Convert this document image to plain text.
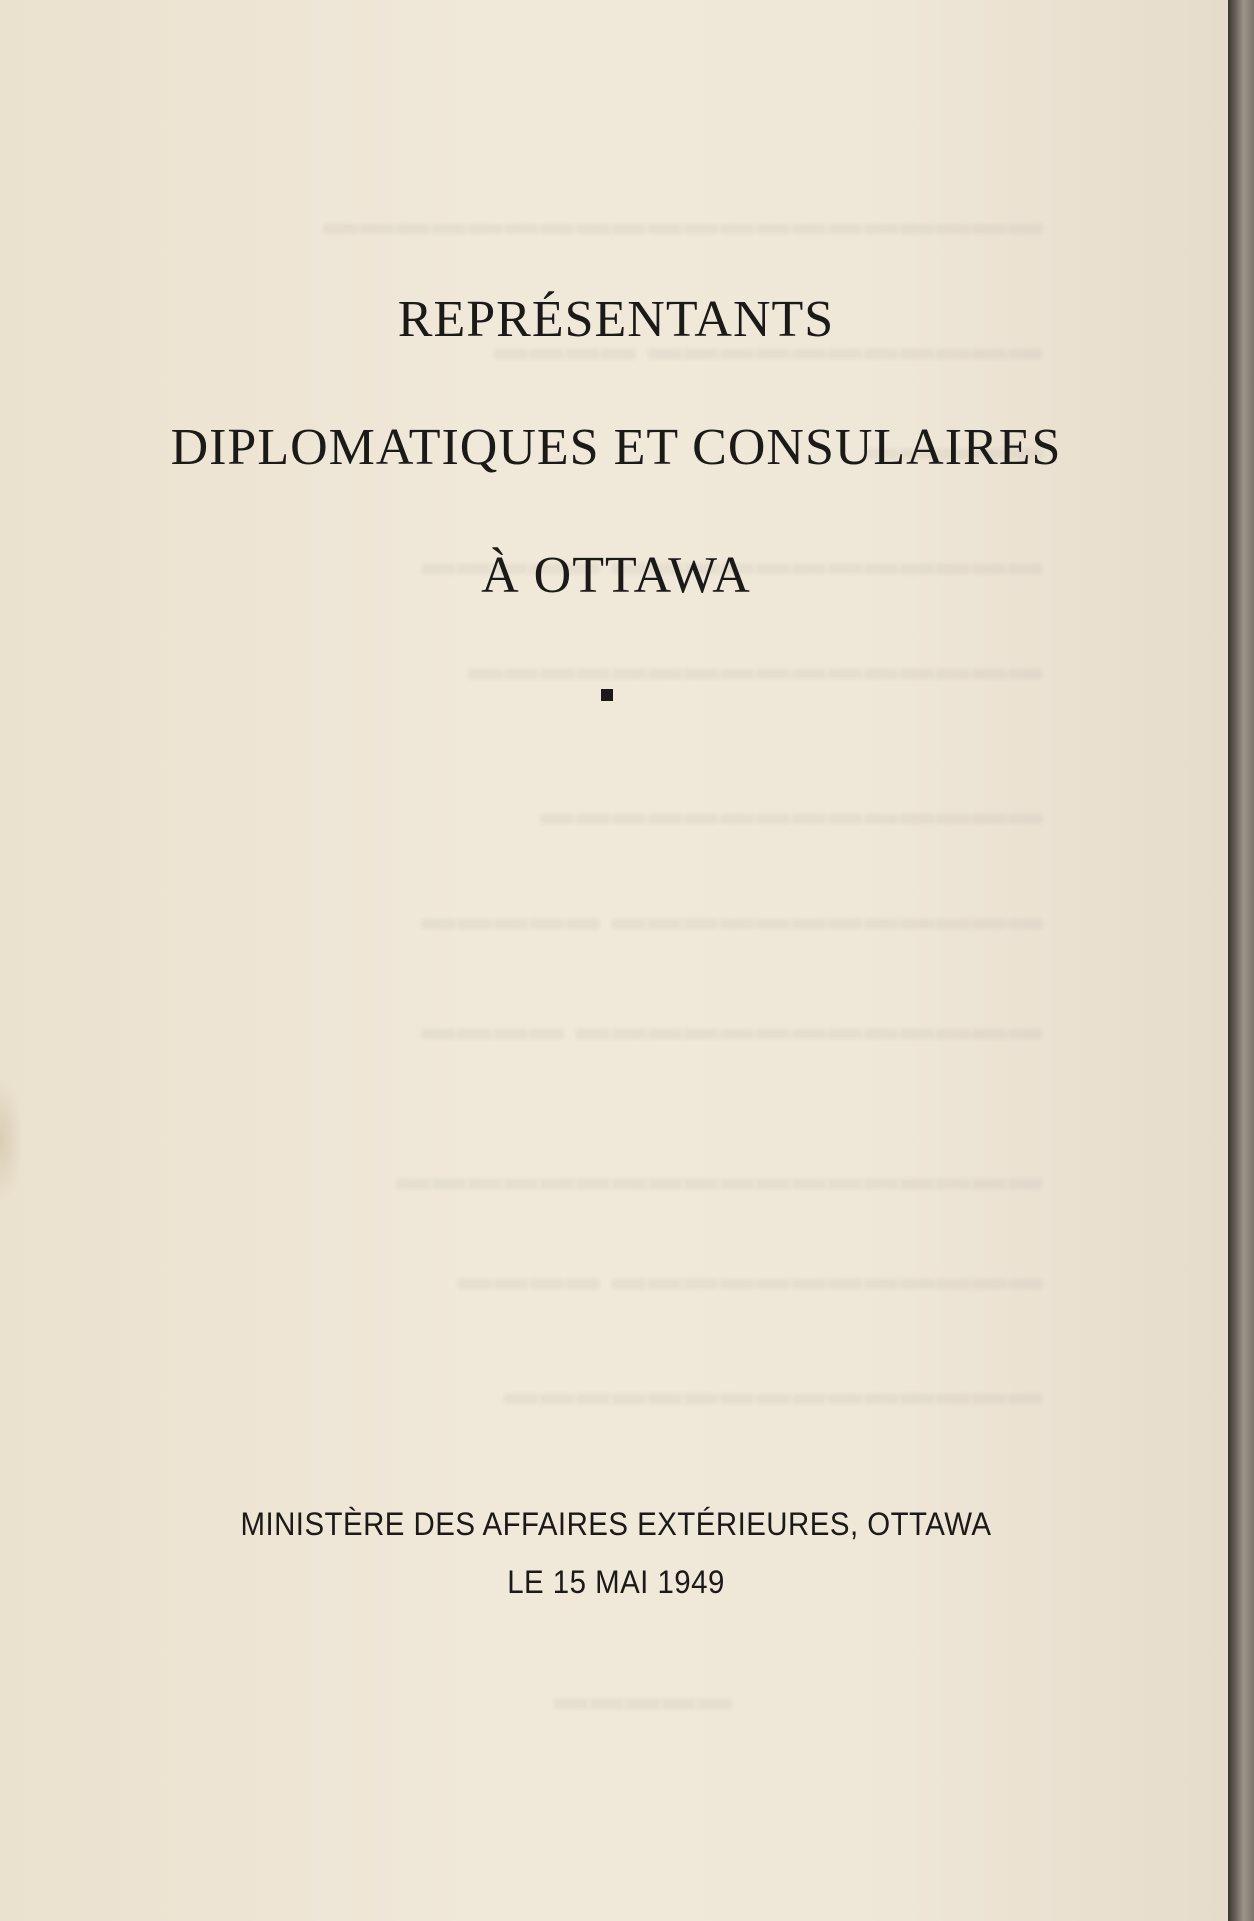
REPRÉSENTANTS
DIPLOMATIQUES ET CONSULAIRES
À OTTAWA
MINISTÈRE DES AFFAIRES EXTÉRIEURES, OTTAWA
LE 15 MAI 1949
